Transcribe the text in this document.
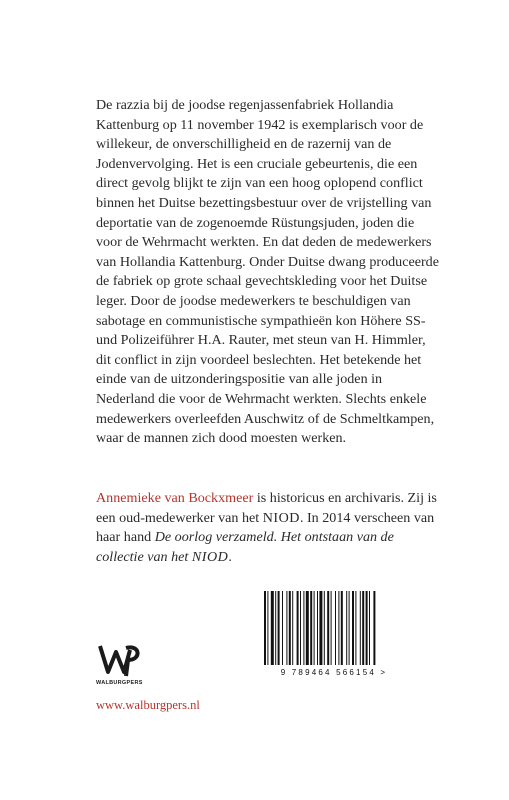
De razzia bij de joodse regenjassenfabriek Hollandia Kattenburg op 11 november 1942 is exemplarisch voor de willekeur, de onverschilligheid en de razernij van de Jodenvervolging. Het is een cruciale gebeurtenis, die een direct gevolg blijkt te zijn van een hoog oplopend conflict binnen het Duitse bezettingsbestuur over de vrijstelling van deportatie van de zogenoemde Rüstungsjuden, joden die voor de Wehrmacht werkten. En dat deden de medewerkers van Hollandia Kattenburg. Onder Duitse dwang produceerde de fabriek op grote schaal gevechtskleding voor het Duitse leger. Door de joodse medewerkers te beschuldigen van sabotage en communistische sympathieën kon Höhere SS- und Polizeiführer H.A. Rauter, met steun van H. Himmler, dit conflict in zijn voordeel beslechten. Het betekende het einde van de uitzonderingspositie van alle joden in Nederland die voor de Wehrmacht werkten. Slechts enkele medewerkers overleefden Auschwitz of de Schmeltkampen, waar de mannen zich dood moesten werken.

Annemieke van Bockxmeer is historicus en archivaris. Zij is een oud-medewerker van het NIOD. In 2014 verscheen van haar hand De oorlog verzameld. Het ontstaan van de collectie van het NIOD.
WALBURGPERS
www.walburgpers.nl
9 789464 566154 >
